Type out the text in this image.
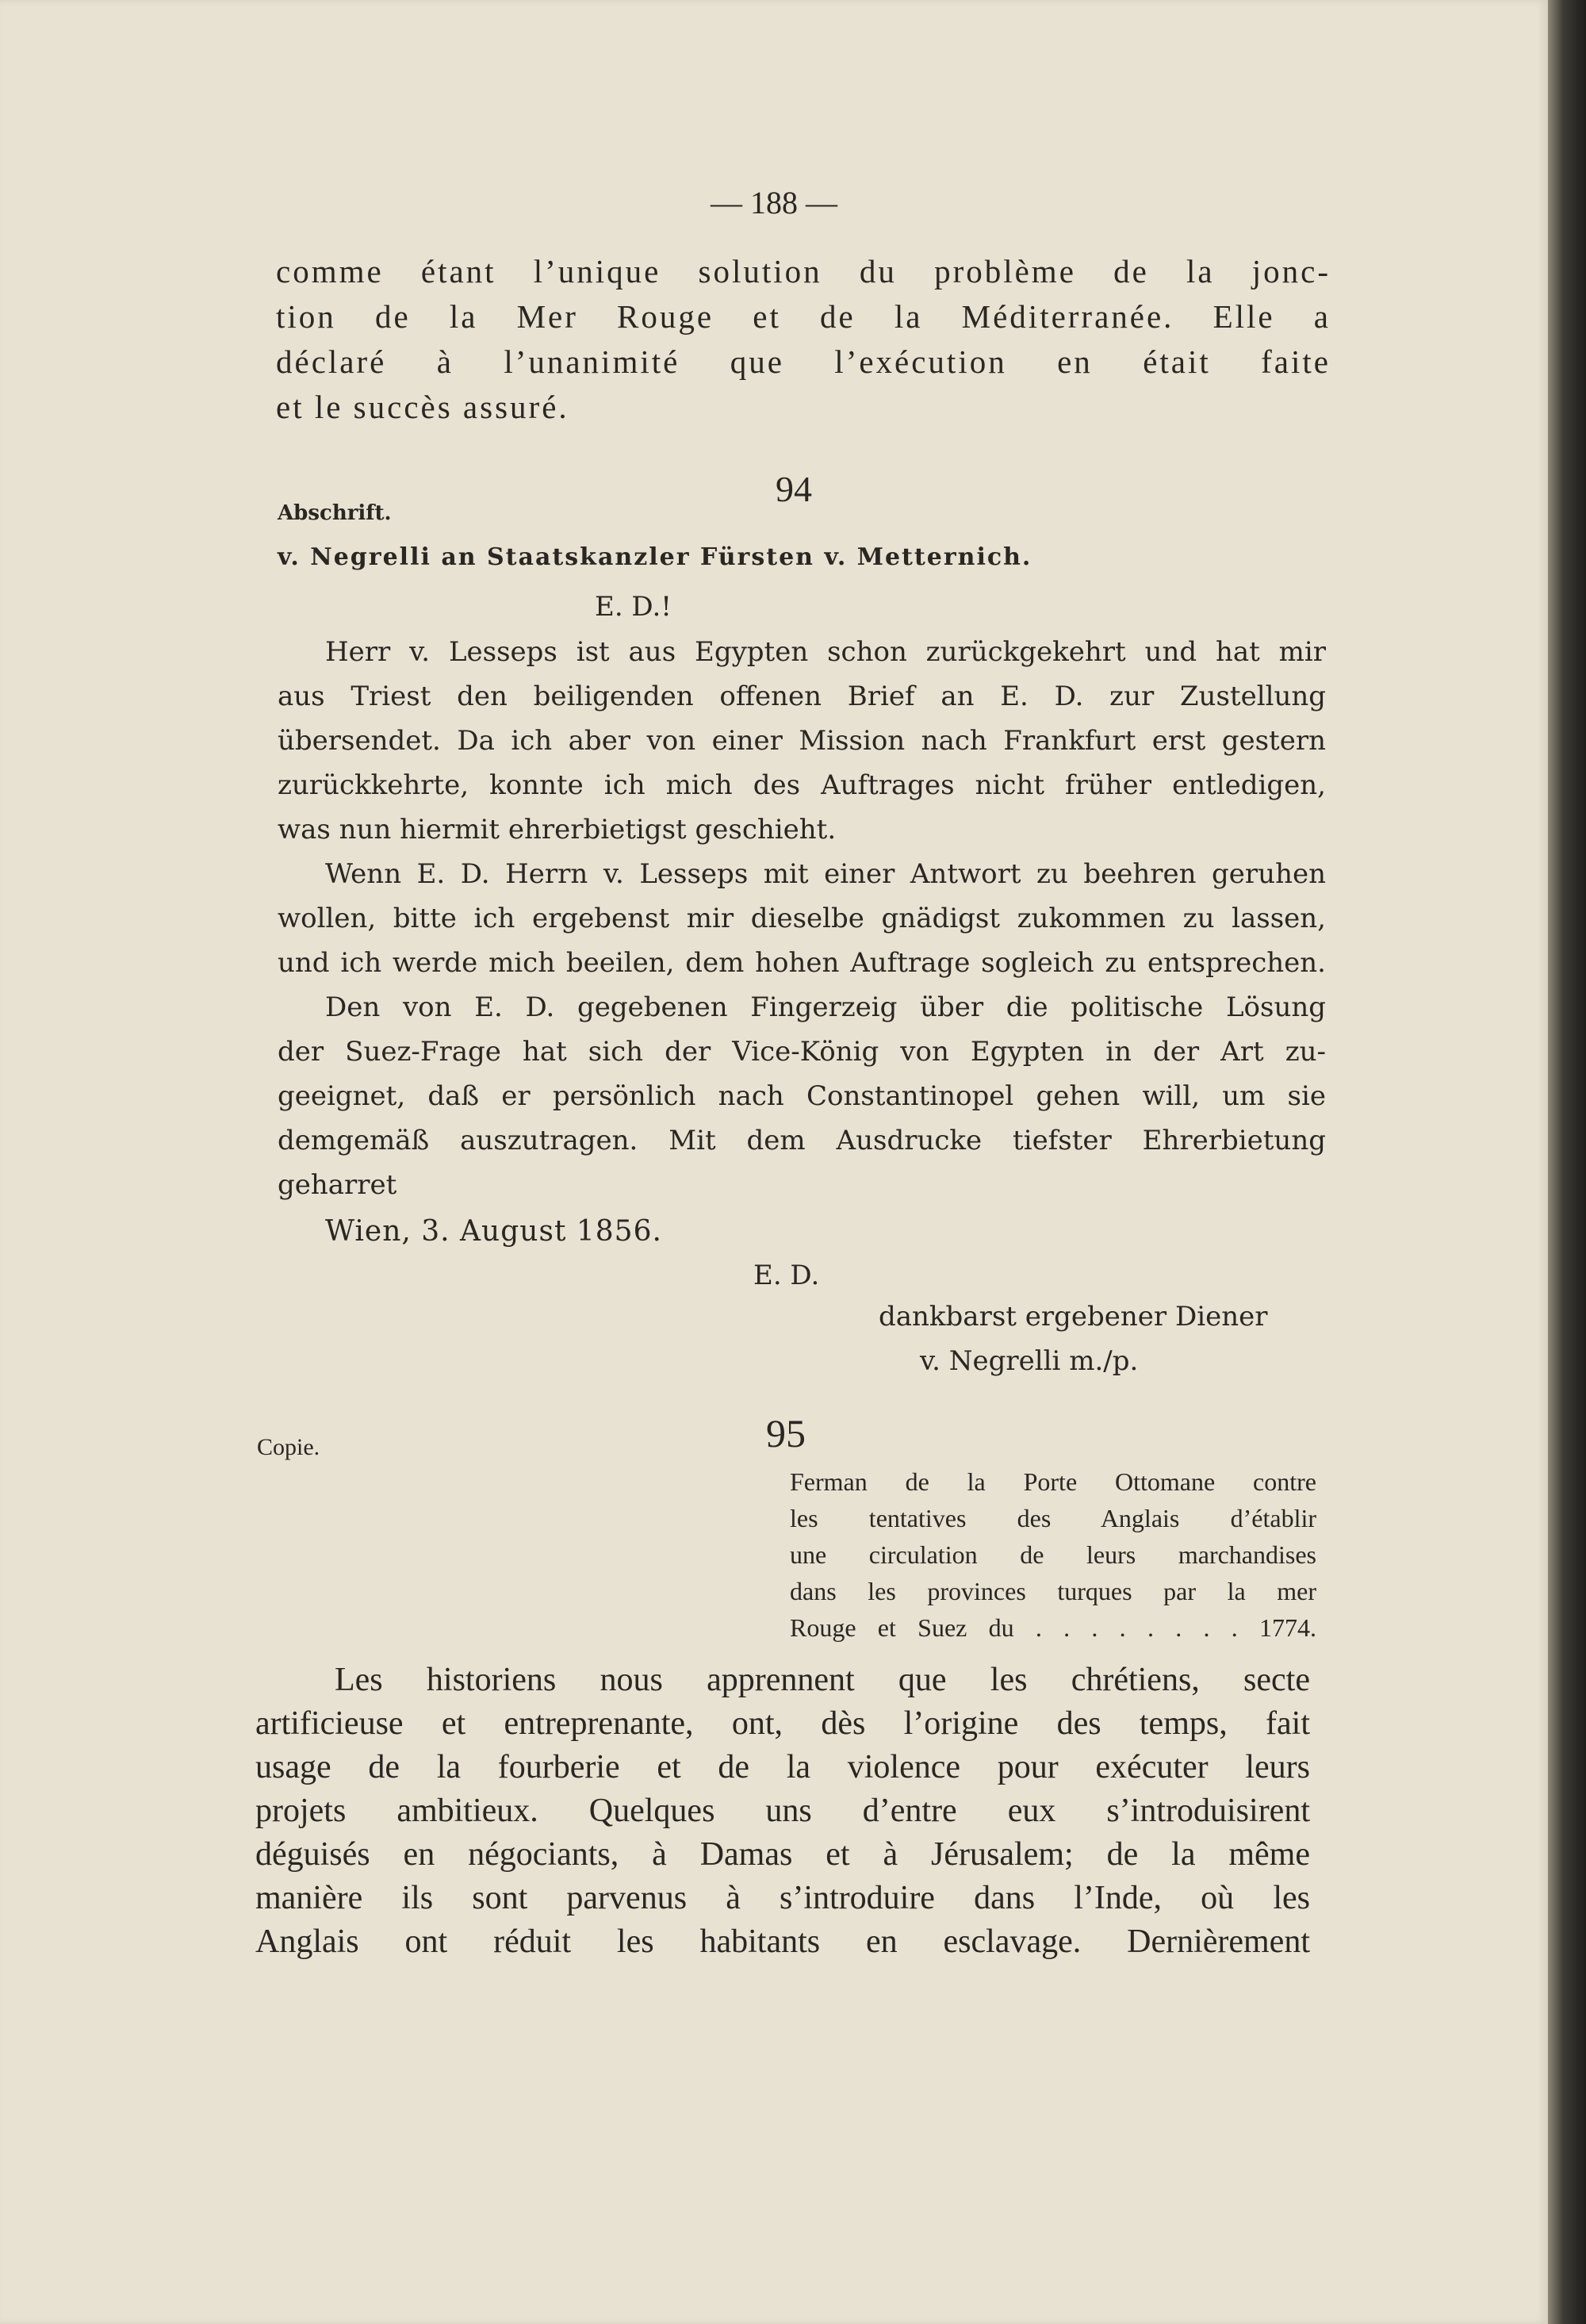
— 188 —
comme étant l’unique solution du problème de la jonc-
tion de la Mer Rouge et de la Méditerranée. Elle a
déclaré à l’unanimité que l’exécution en était faite
et le succès assuré.
94
Abschrift.
v. Negrelli an Staatskanzler Fürsten v. Metternich.
E. D.!
Herr v. Lesseps ist aus Egypten schon zurückgekehrt und hat mir
aus Triest den beiligenden offenen Brief an E. D. zur Zustellung
übersendet. Da ich aber von einer Mission nach Frankfurt erst gestern
zurückkehrte, konnte ich mich des Auftrages nicht früher entledigen,
was nun hiermit ehrerbietigst geschieht.
Wenn E. D. Herrn v. Lesseps mit einer Antwort zu beehren geruhen
wollen, bitte ich ergebenst mir dieselbe gnädigst zukommen zu lassen,
und ich werde mich beeilen, dem hohen Auftrage sogleich zu entsprechen.
Den von E. D. gegebenen Fingerzeig über die politische Lösung
der Suez-Frage hat sich der Vice-König von Egypten in der Art zu-
geeignet, daß er persönlich nach Constantinopel gehen will, um sie
demgemäß auszutragen. Mit dem Ausdrucke tiefster Ehrerbietung
geharret
Wien, 3. August 1856.
E. D.
dankbarst ergebener Diener
v. Negrelli m./p.
95
Copie.
Ferman de la Porte Ottomane contre
les tentatives des Anglais d’établir
une circulation de leurs marchandises
dans les provinces turques par la mer
Rouge et Suez du . . . . . . . . 1774.
Les historiens nous apprennent que les chrétiens, secte
artificieuse et entreprenante, ont, dès l’origine des temps, fait
usage de la fourberie et de la violence pour exécuter leurs
projets ambitieux. Quelques uns d’entre eux s’introduisirent
déguisés en négociants, à Damas et à Jérusalem; de la même
manière ils sont parvenus à s’introduire dans l’Inde, où les
Anglais ont réduit les habitants en esclavage. Dernièrement
